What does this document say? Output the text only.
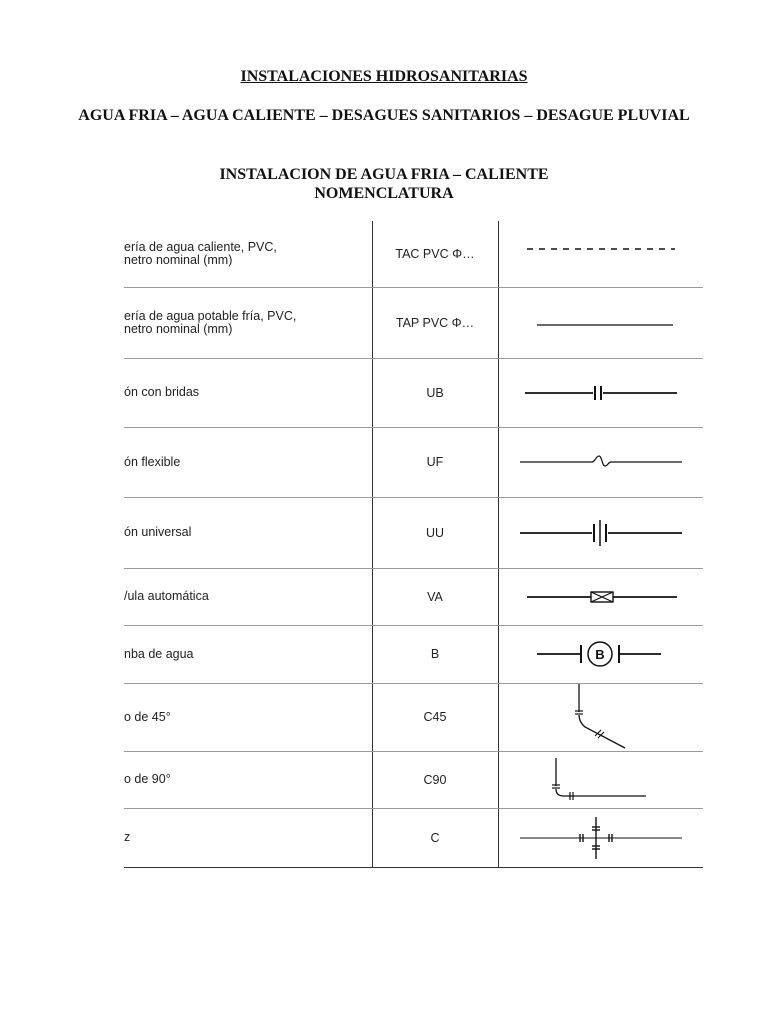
INSTALACIONES HIDROSANITARIAS

AGUA FRIA – AGUA CALIENTE – DESAGUES SANITARIOS – DESAGUE PLUVIAL

INSTALACION DE AGUA FRIA – CALIENTE

NOMENCLATURA

ería de agua caliente, PVC,
netro nominal (mm)	TAC PVC Φ…	

ería de agua potable fría, PVC,
netro nominal (mm)	TAP PVC Φ…	

ón con bridas	UB	

ón flexible	UF	

ón universal	UU	

/ula automática	VA	

nba de agua	B	B

o de 45°	C45	

o de 90°	C90	

z	C	
